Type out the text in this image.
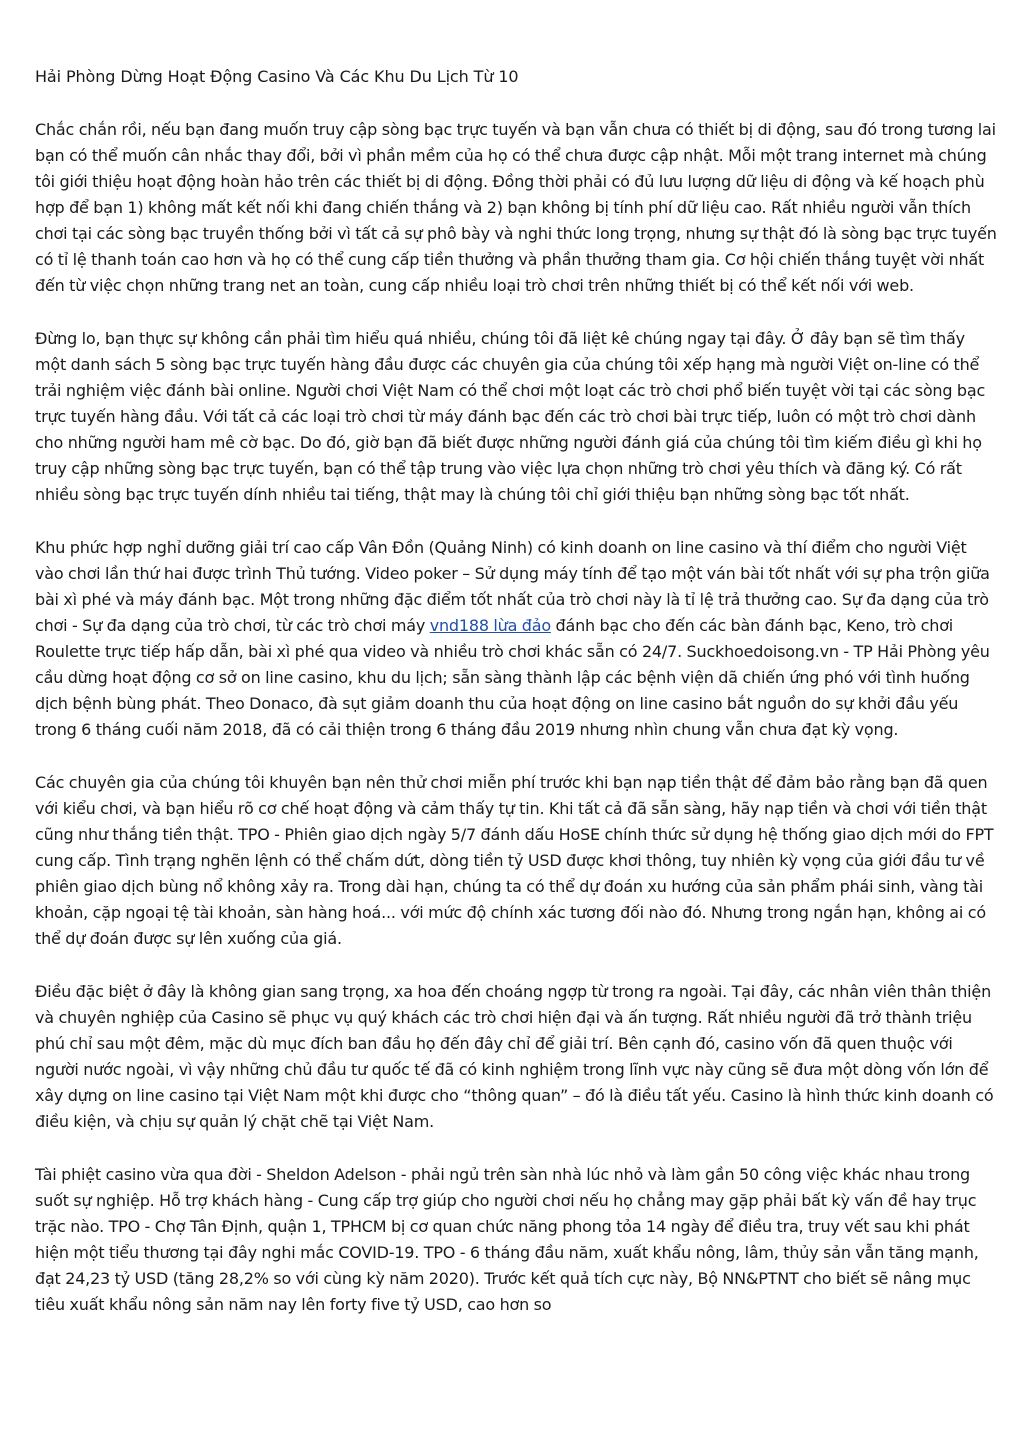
Hải Phòng Dừng Hoạt Động Casino Và Các Khu Du Lịch Từ 10

Chắc chắn rồi, nếu bạn đang muốn truy cập sòng bạc trực tuyến và bạn vẫn chưa có thiết bị di động, sau đó trong tương lai bạn có thể muốn cân nhắc thay đổi, bởi vì phần mềm của họ có thể chưa được cập nhật. Mỗi một trang internet mà chúng tôi giới thiệu hoạt động hoàn hảo trên các thiết bị di động. Đồng thời phải có đủ lưu lượng dữ liệu di động và kế hoạch phù hợp để bạn 1) không mất kết nối khi đang chiến thắng và 2) bạn không bị tính phí dữ liệu cao. Rất nhiều người vẫn thích chơi tại các sòng bạc truyền thống bởi vì tất cả sự phô bày và nghi thức long trọng, nhưng sự thật đó là sòng bạc trực tuyến có tỉ lệ thanh toán cao hơn và họ có thể cung cấp tiền thưởng và phần thưởng tham gia. Cơ hội chiến thắng tuyệt vời nhất đến từ việc chọn những trang net an toàn, cung cấp nhiều loại trò chơi trên những thiết bị có thể kết nối với web.

Đừng lo, bạn thực sự không cần phải tìm hiểu quá nhiều, chúng tôi đã liệt kê chúng ngay tại đây. Ở đây bạn sẽ tìm thấy một danh sách 5 sòng bạc trực tuyến hàng đầu được các chuyên gia của chúng tôi xếp hạng mà người Việt on-line có thể trải nghiệm việc đánh bài online. Người chơi Việt Nam có thể chơi một loạt các trò chơi phổ biến tuyệt vời tại các sòng bạc trực tuyến hàng đầu. Với tất cả các loại trò chơi từ máy đánh bạc đến các trò chơi bài trực tiếp, luôn có một trò chơi dành cho những người ham mê cờ bạc. Do đó, giờ bạn đã biết được những người đánh giá của chúng tôi tìm kiếm điều gì khi họ truy cập những sòng bạc trực tuyến, bạn có thể tập trung vào việc lựa chọn những trò chơi yêu thích và đăng ký. Có rất nhiều sòng bạc trực tuyến dính nhiều tai tiếng, thật may là chúng tôi chỉ giới thiệu bạn những sòng bạc tốt nhất.

Khu phức hợp nghỉ dưỡng giải trí cao cấp Vân Đồn (Quảng Ninh) có kinh doanh on line casino và thí điểm cho người Việt vào chơi lần thứ hai được trình Thủ tướng. Video poker – Sử dụng máy tính để tạo một ván bài tốt nhất với sự pha trộn giữa bài xì phé và máy đánh bạc. Một trong những đặc điểm tốt nhất của trò chơi này là tỉ lệ trả thưởng cao. Sự đa dạng của trò chơi - Sự đa dạng của trò chơi, từ các trò chơi máy vnd188 lừa đảo đánh bạc cho đến các bàn đánh bạc, Keno, trò chơi Roulette trực tiếp hấp dẫn, bài xì phé qua video và nhiều trò chơi khác sẵn có 24/7. Suckhoedoisong.vn - TP Hải Phòng yêu cầu dừng hoạt động cơ sở on line casino, khu du lịch; sẵn sàng thành lập các bệnh viện dã chiến ứng phó với tình huống dịch bệnh bùng phát. Theo Donaco, đà sụt giảm doanh thu của hoạt động on line casino bắt nguồn do sự khởi đầu yếu trong 6 tháng cuối năm 2018, đã có cải thiện trong 6 tháng đầu 2019 nhưng nhìn chung vẫn chưa đạt kỳ vọng.

Các chuyên gia của chúng tôi khuyên bạn nên thử chơi miễn phí trước khi bạn nạp tiền thật để đảm bảo rằng bạn đã quen với kiểu chơi, và bạn hiểu rõ cơ chế hoạt động và cảm thấy tự tin. Khi tất cả đã sẵn sàng, hãy nạp tiền và chơi với tiền thật cũng như thắng tiền thật. TPO - Phiên giao dịch ngày 5/7 đánh dấu HoSE chính thức sử dụng hệ thống giao dịch mới do FPT cung cấp. Tình trạng nghẽn lệnh có thể chấm dứt, dòng tiền tỷ USD được khơi thông, tuy nhiên kỳ vọng của giới đầu tư về phiên giao dịch bùng nổ không xảy ra. Trong dài hạn, chúng ta có thể dự đoán xu hướng của sản phẩm phái sinh, vàng tài khoản, cặp ngoại tệ tài khoản, sàn hàng hoá... với mức độ chính xác tương đối nào đó. Nhưng trong ngắn hạn, không ai có thể dự đoán được sự lên xuống của giá.

Điều đặc biệt ở đây là không gian sang trọng, xa hoa đến choáng ngợp từ trong ra ngoài. Tại đây, các nhân viên thân thiện và chuyên nghiệp của Casino sẽ phục vụ quý khách các trò chơi hiện đại và ấn tượng. Rất nhiều người đã trở thành triệu phú chỉ sau một đêm, mặc dù mục đích ban đầu họ đến đây chỉ để giải trí. Bên cạnh đó, casino vốn đã quen thuộc với người nước ngoài, vì vậy những chủ đầu tư quốc tế đã có kinh nghiệm trong lĩnh vực này cũng sẽ đưa một dòng vốn lớn để xây dựng on line casino tại Việt Nam một khi được cho “thông quan” – đó là điều tất yếu. Casino là hình thức kinh doanh có điều kiện, và chịu sự quản lý chặt chẽ tại Việt Nam.

Tài phiệt casino vừa qua đời - Sheldon Adelson - phải ngủ trên sàn nhà lúc nhỏ và làm gần 50 công việc khác nhau trong suốt sự nghiệp. Hỗ trợ khách hàng - Cung cấp trợ giúp cho người chơi nếu họ chẳng may gặp phải bất kỳ vấn đề hay trục trặc nào. TPO - Chợ Tân Định, quận 1, TPHCM bị cơ quan chức năng phong tỏa 14 ngày để điều tra, truy vết sau khi phát hiện một tiểu thương tại đây nghi mắc COVID-19. TPO - 6 tháng đầu năm, xuất khẩu nông, lâm, thủy sản vẫn tăng mạnh, đạt 24,23 tỷ USD (tăng 28,2% so với cùng kỳ năm 2020). Trước kết quả tích cực này, Bộ NN&PTNT cho biết sẽ nâng mục tiêu xuất khẩu nông sản năm nay lên forty five tỷ USD, cao hơn so
